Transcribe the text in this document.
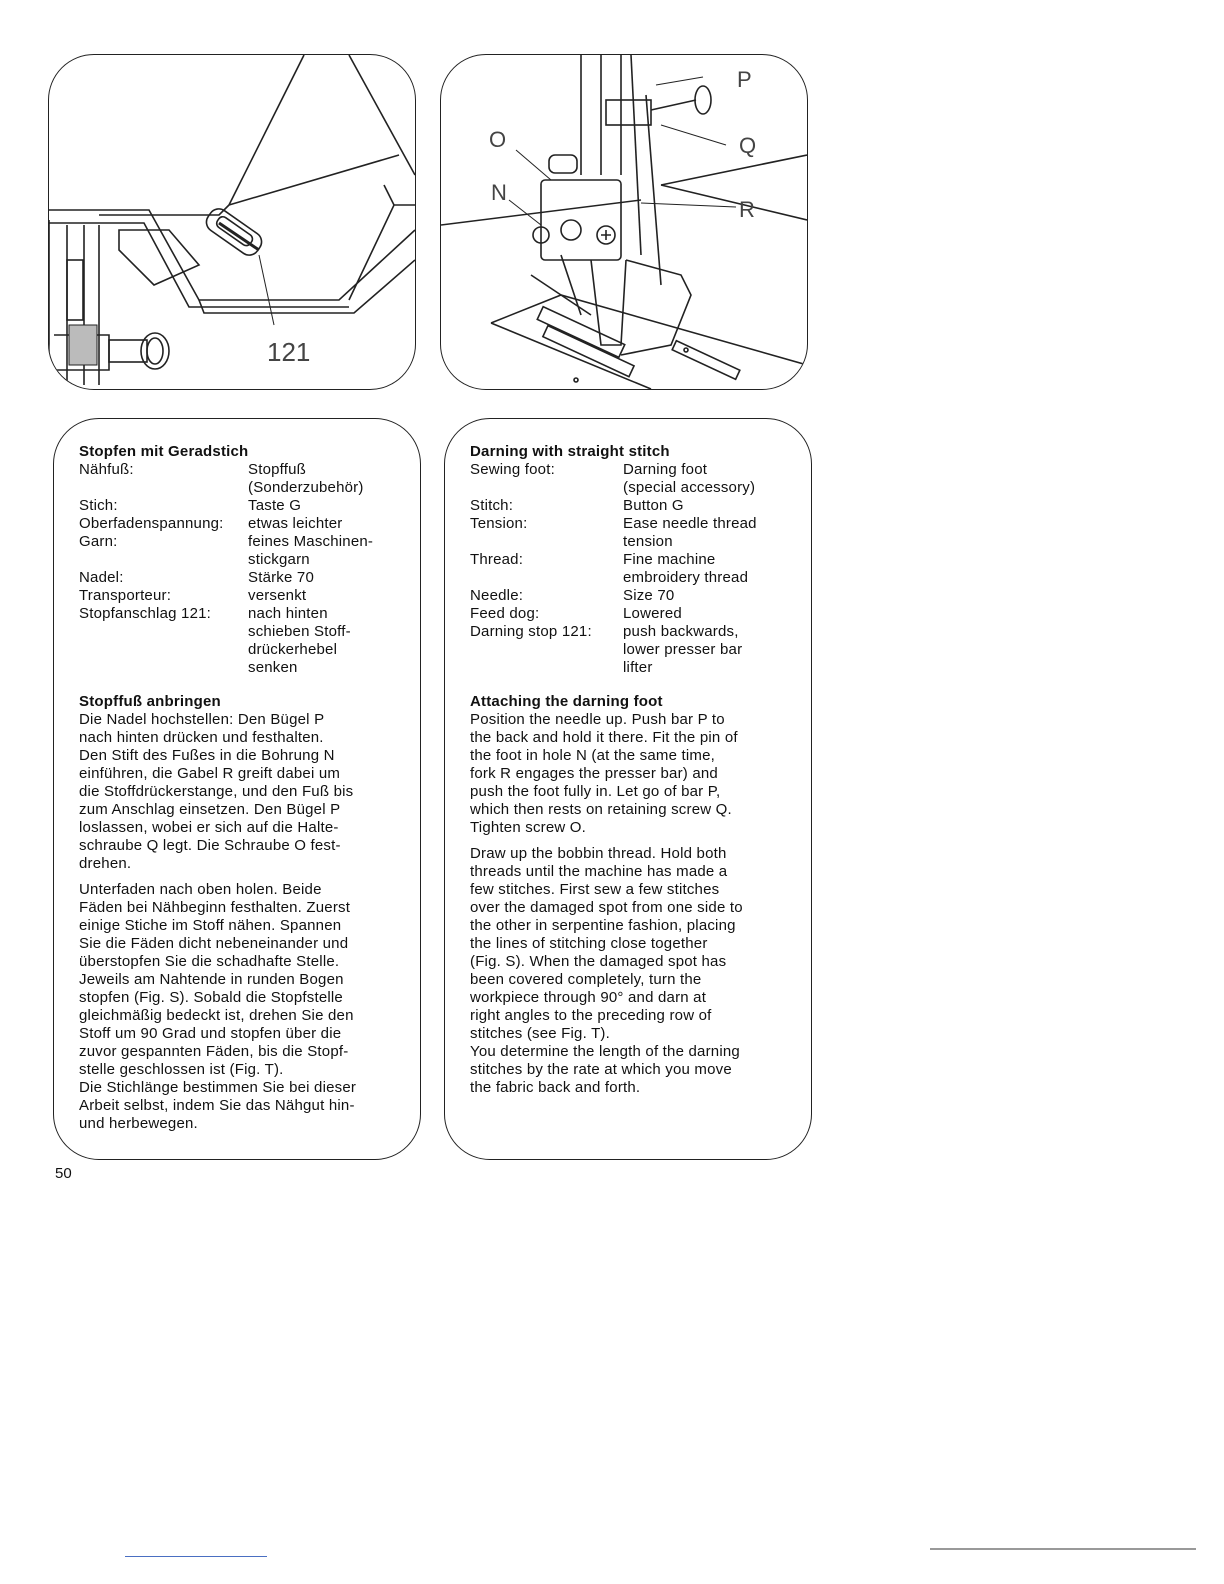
121
P
O	Q
N
R
Stopfen mit Geradstich
Nähfuß:	Stopffuß
(Sonderzubehör)
Stich:	Taste G
Oberfadenspannung:	etwas leichter
Garn:	feines Maschinen-
stickgarn
Nadel:	Stärke 70
Transporteur:	versenkt
Stopfanschlag 121:	nach hinten
schieben Stoff-
drückerhebel
senken
Stopffuß anbringen

Die Nadel hochstellen: Den Bügel P
nach hinten drücken und festhalten.
Den Stift des Fußes in die Bohrung N
einführen, die Gabel R greift dabei um
die Stoffdrückerstange, und den Fuß bis
zum Anschlag einsetzen. Den Bügel P
loslassen, wobei er sich auf die Halte-
schraube Q legt. Die Schraube O fest-
drehen.

Unterfaden nach oben holen. Beide
Fäden bei Nähbeginn festhalten. Zuerst
einige Stiche im Stoff nähen. Spannen
Sie die Fäden dicht nebeneinander und
überstopfen Sie die schadhafte Stelle.
Jeweils am Nahtende in runden Bogen
stopfen (Fig. S). Sobald die Stopfstelle
gleichmäßig bedeckt ist, drehen Sie den
Stoff um 90 Grad und stopfen über die
zuvor gespannten Fäden, bis die Stopf-
stelle geschlossen ist (Fig. T).
Die Stichlänge bestimmen Sie bei dieser
Arbeit selbst, indem Sie das Nähgut hin-
und herbewegen.

Darning with straight stitch
Sewing foot:	Darning foot
(special accessory)
Stitch:	Button G
Tension:	Ease needle thread
tension
Thread:	Fine machine
embroidery thread
Needle:	Size 70
Feed dog:	Lowered
Darning stop 121:	push backwards,
lower presser bar
lifter
Attaching the darning foot

Position the needle up. Push bar P to
the back and hold it there. Fit the pin of
the foot in hole N (at the same time,
fork R engages the presser bar) and
push the foot fully in. Let go of bar P,
which then rests on retaining screw Q.
Tighten screw O.

Draw up the bobbin thread. Hold both
threads until the machine has made a
few stitches. First sew a few stitches
over the damaged spot from one side to
the other in serpentine fashion, placing
the lines of stitching close together
(Fig. S). When the damaged spot has
been covered completely, turn the
workpiece through 90° and darn at
right angles to the preceding row of
stitches (see Fig. T).
You determine the length of the darning
stitches by the rate at which you move
the fabric back and forth.

50
